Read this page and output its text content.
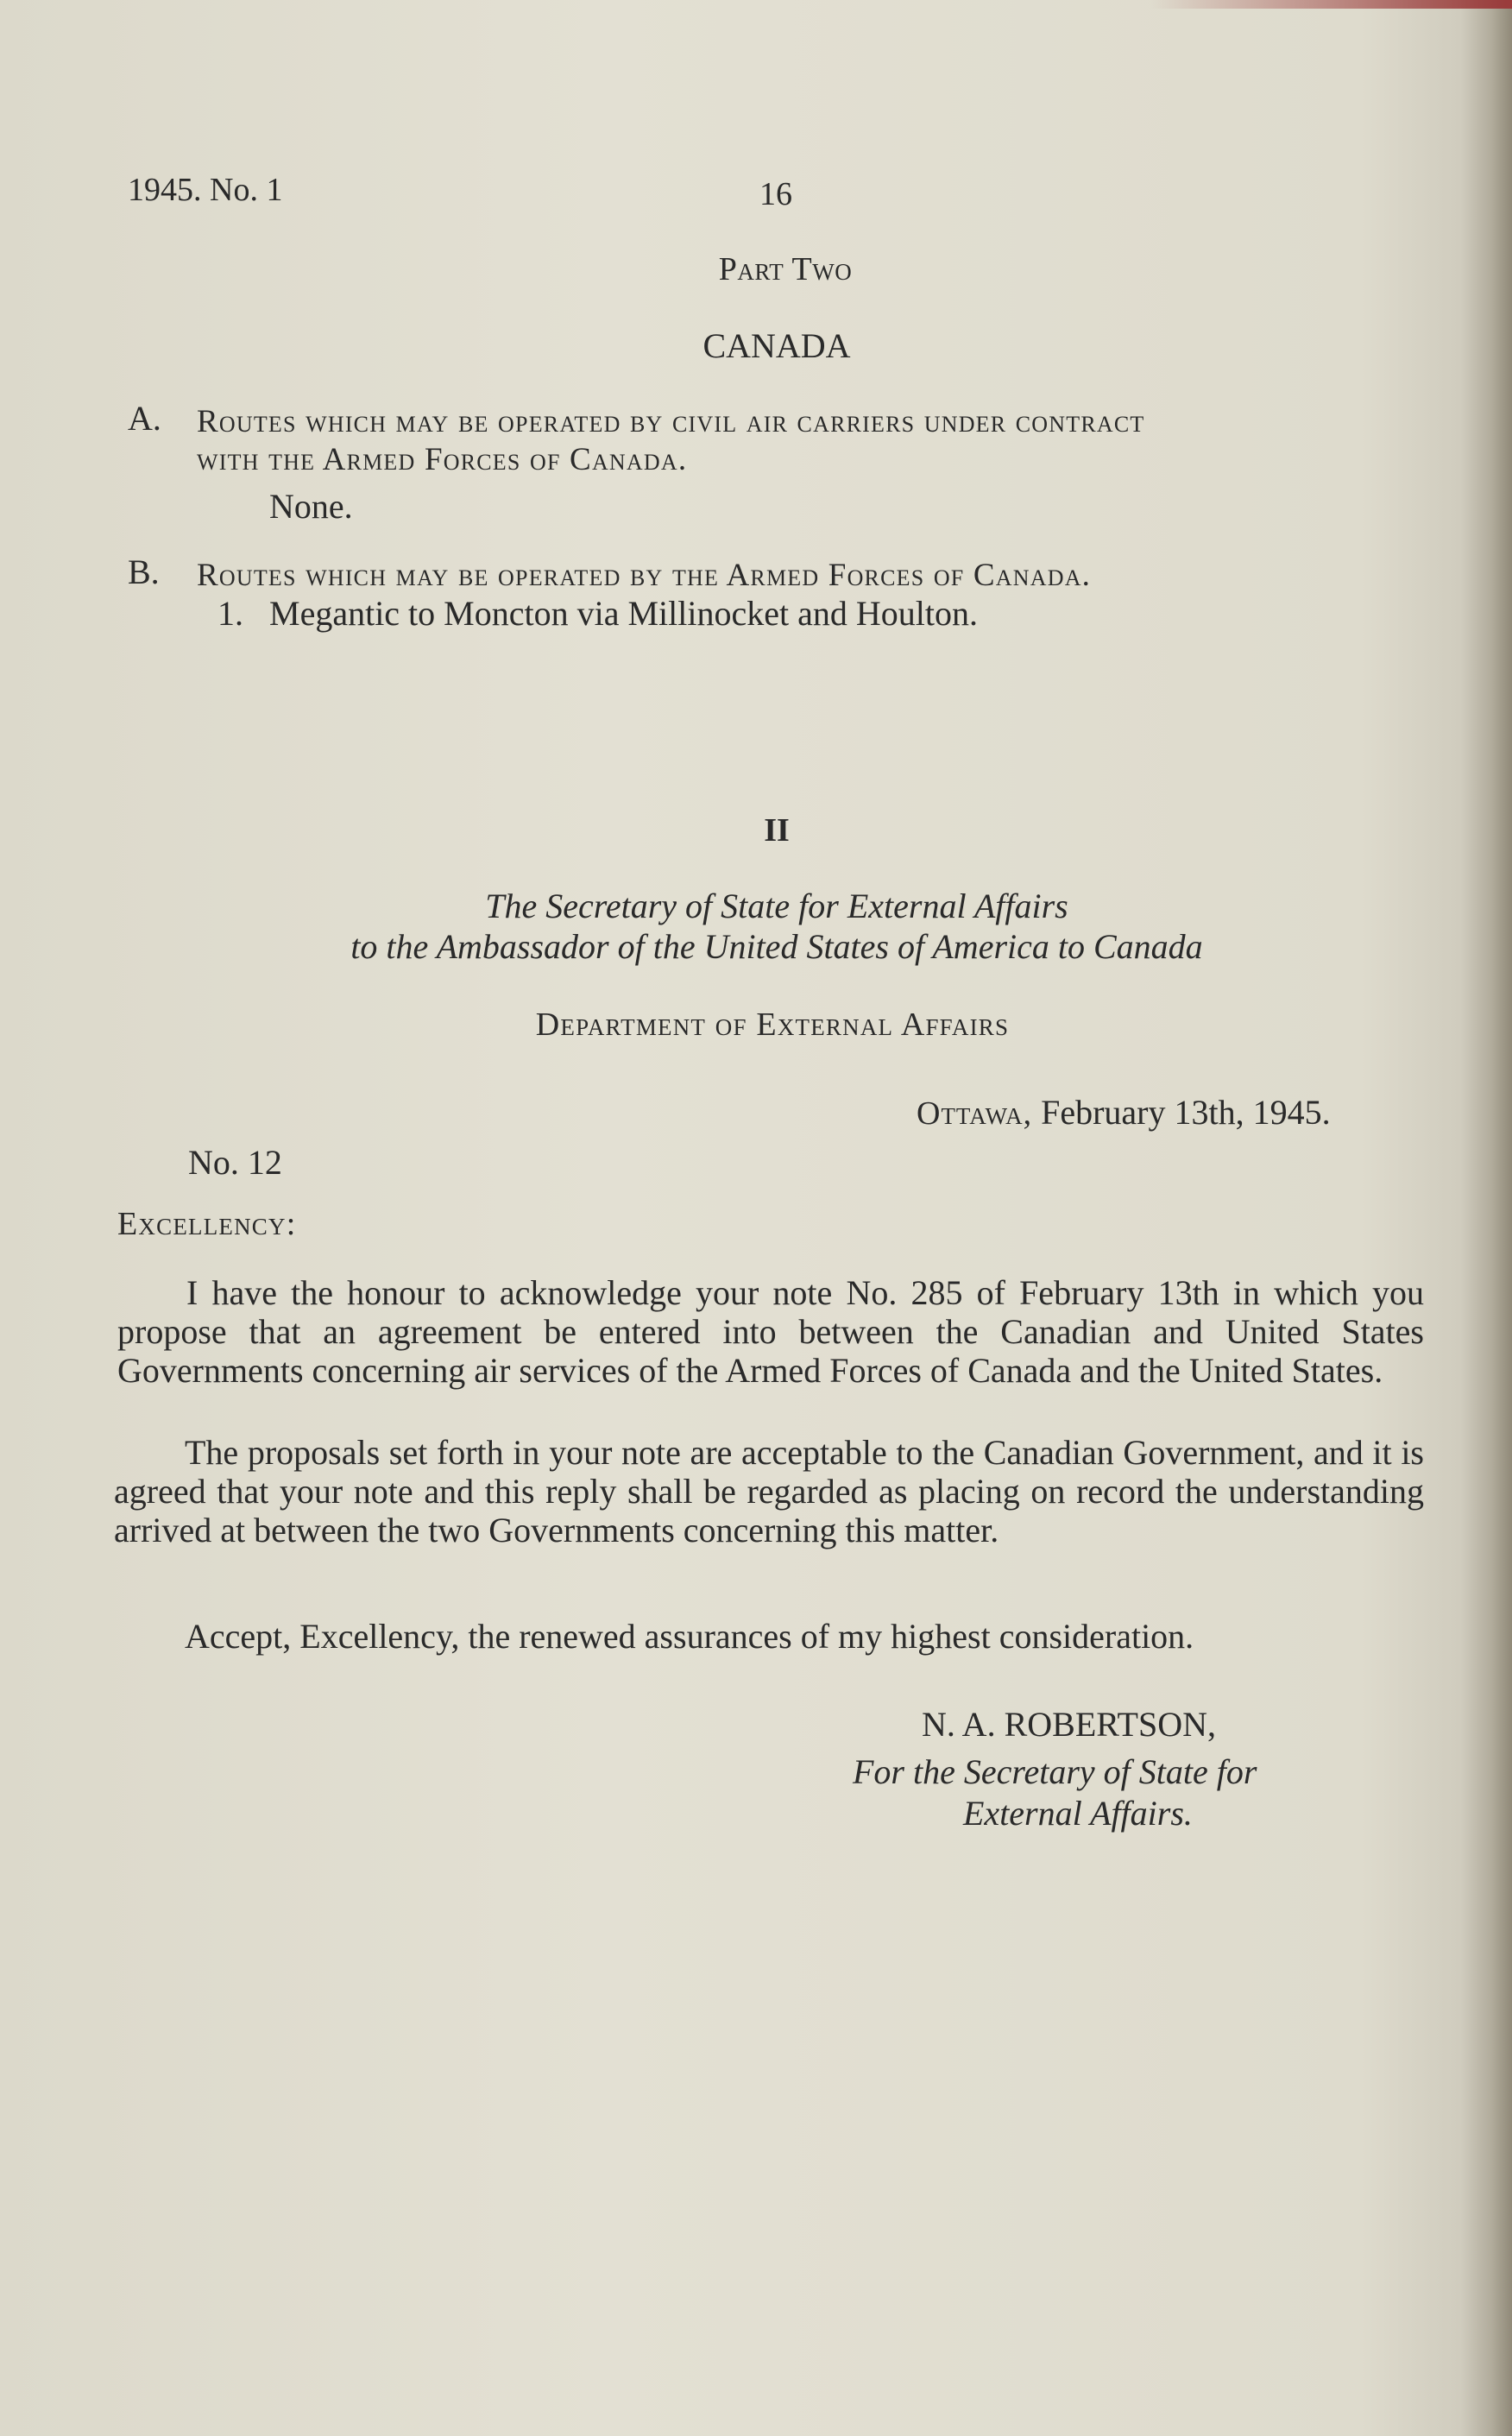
1945. No. 1	16
Part Two
CANADA
A. Routes which may be operated by civil air carriers under contract
with the Armed Forces of Canada.
None.
B. Routes which may be operated by the Armed Forces of Canada.
1. Megantic to Moncton via Millinocket and Houlton.
II
The Secretary of State for External Affairs
to the Ambassador of the United States of America to Canada
Department of External Affairs
Ottawa, February 13th, 1945.
No. 12
Excellency:
I have the honour to acknowledge your note No. 285 of February 13th in which you propose that an agreement be entered into between the Canadian and United States Governments concerning air services of the Armed Forces of Canada and the United States.
The proposals set forth in your note are acceptable to the Canadian Government, and it is agreed that your note and this reply shall be regarded as placing on record the understanding arrived at between the two Governments concerning this matter.
Accept, Excellency, the renewed assurances of my highest consideration.
N. A. ROBERTSON,
For the Secretary of State for
External Affairs.
